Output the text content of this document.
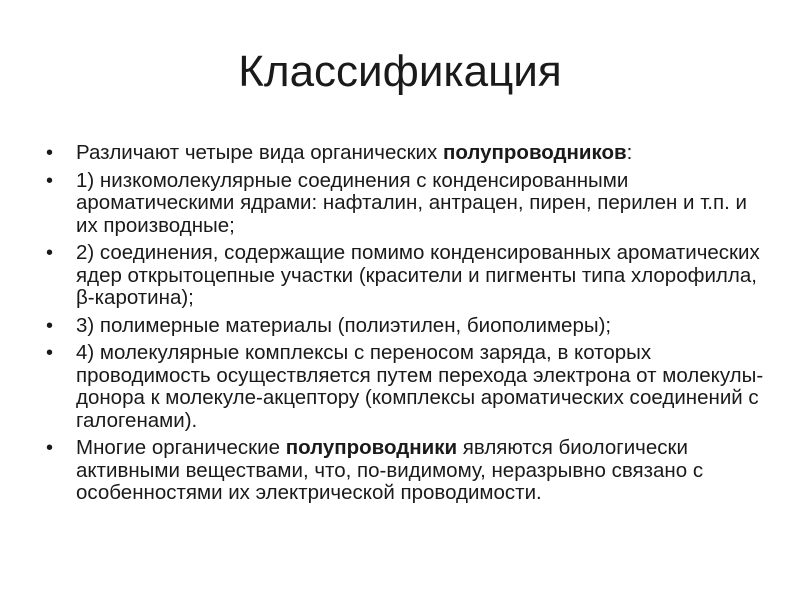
Классификация
• Различают четыре вида органических полупроводников:
• 1) низкомолекулярные соединения с конденсированными ароматическими ядрами: нафталин, антрацен, пирен, перилен и т.п. и их производные;
• 2) соединения, содержащие помимо конденсированных ароматических ядер открытоцепные участки (красители и пигменты типа хлорофилла, β-каротина);
• 3) полимерные материалы (полиэтилен, биополимеры);
• 4) молекулярные комплексы с переносом заряда, в которых проводимость осуществляется путем перехода электрона от молекулы-донора к молекуле-акцептору (комплексы ароматических соединений с галогенами).
• Многие органические полупроводники являются биологически активными веществами, что, по-видимому, неразрывно связано с особенностями их электрической проводимости.
